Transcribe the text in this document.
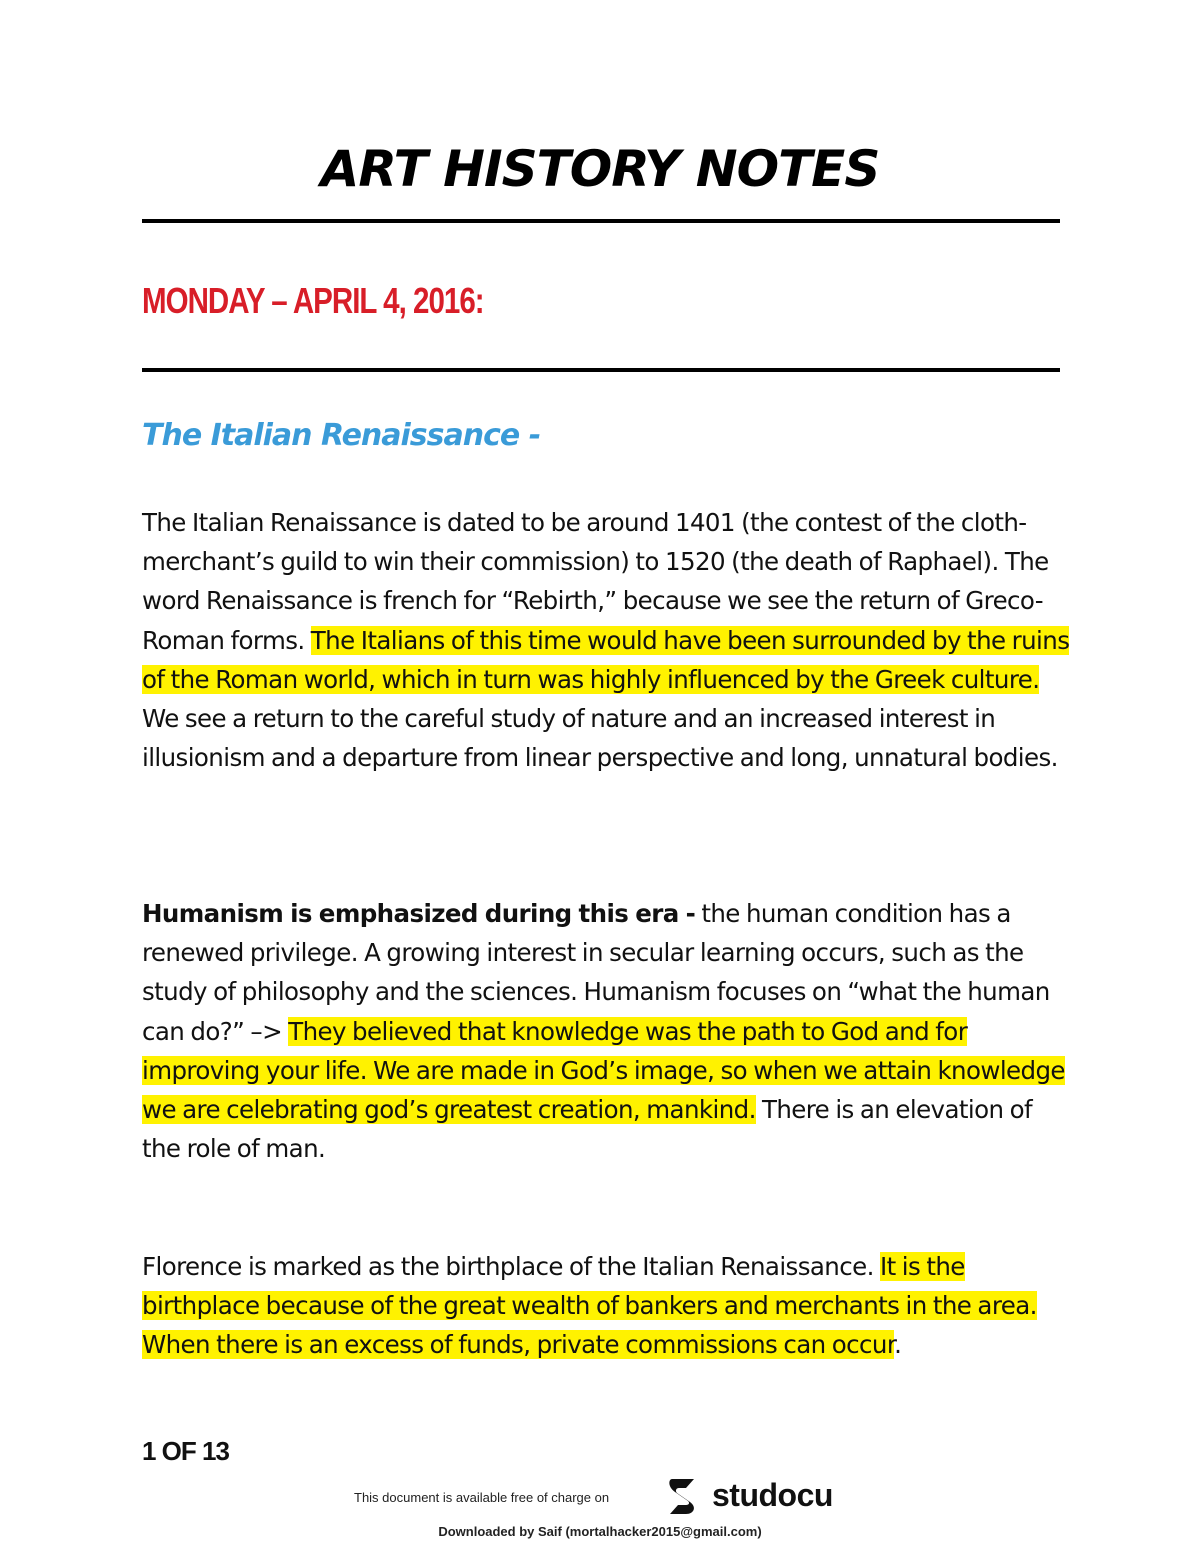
ART HISTORY NOTES
MONDAY – APRIL 4, 2016:
The Italian Renaissance -

The Italian Renaissance is dated to be around 1401 (the contest of the cloth-merchant’s guild to win their commission) to 1520 (the death of Raphael). The word Renaissance is french for “Rebirth,” because we see the return of Greco-Roman forms. The Italians of this time would have been surrounded by the ruins of the Roman world, which in turn was highly influenced by the Greek culture. We see a return to the careful study of nature and an increased interest in illusionism and a departure from linear perspective and long, unnatural bodies.

Humanism is emphasized during this era - the human condition has a renewed privilege. A growing interest in secular learning occurs, such as the study of philosophy and the sciences. Humanism focuses on “what the human can do?” –> They believed that knowledge was the path to God and for improving your life. We are made in God’s image, so when we attain knowledge we are celebrating god’s greatest creation, mankind. There is an elevation of the role of man.

Florence is marked as the birthplace of the Italian Renaissance. It is the birthplace because of the great wealth of bankers and merchants in the area. When there is an excess of funds, private commissions can occur.

1 OF 13
This document is available free of charge on	studocu
Downloaded by Saif (mortalhacker2015@gmail.com)
